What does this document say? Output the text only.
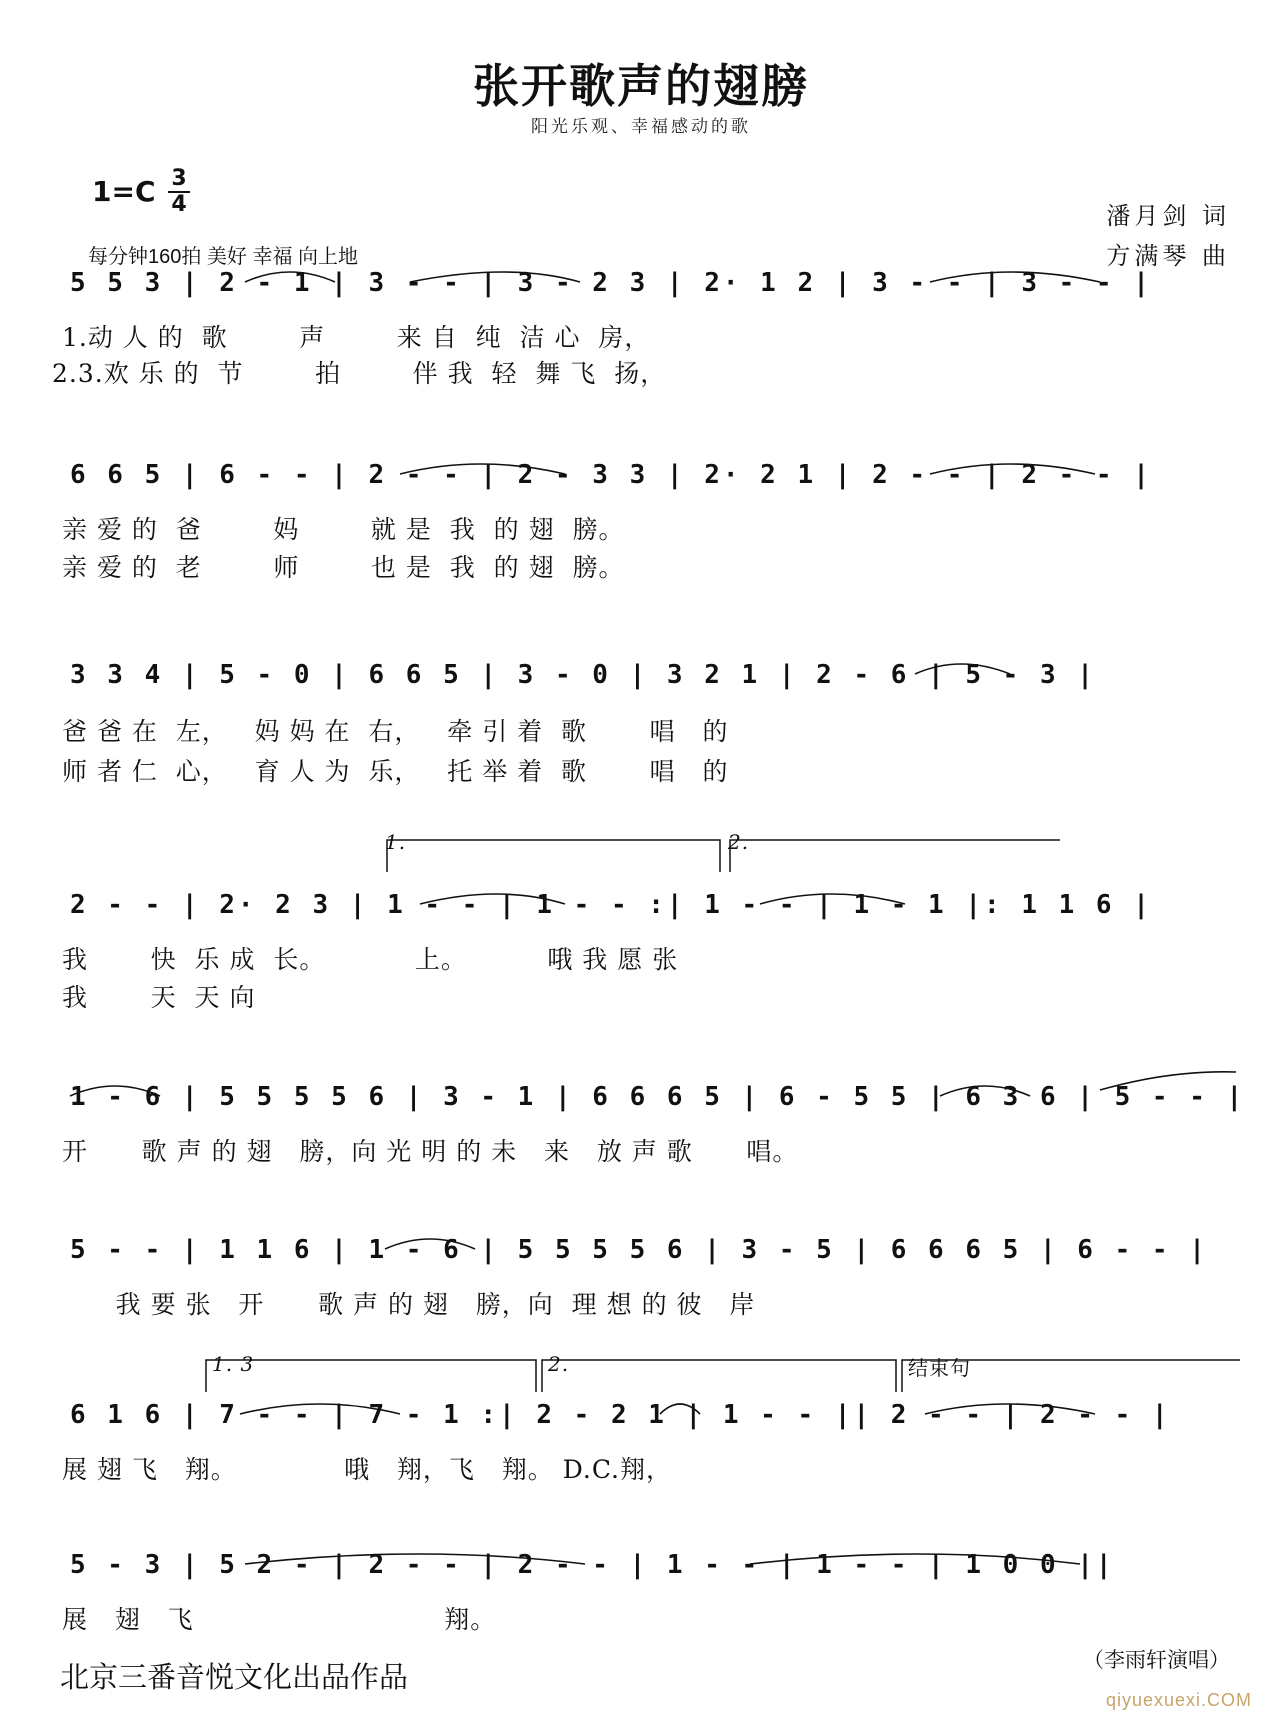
张开歌声的翅膀
阳光乐观、幸福感动的歌
1=C 3
4
每分钟160拍 美好 幸福 向上地
潘月剑 词
方满琴 曲
5 5 3 | 2 - 1 | 3 - - | 3 - 2 3 | 2· 1 2 | 3 - - | 3 - - |
1.动 人 的  歌        声        来 自  纯  洁 心  房，
2.3.欢 乐 的  节        拍        伴 我  轻  舞 飞  扬，
6 6 5 | 6 - - | 2 - - | 2 - 3 3 | 2· 2 1 | 2 - - | 2 - - |
亲 爱 的  爸        妈        就 是  我  的 翅  膀。
亲 爱 的  老        师        也 是  我  的 翅  膀。
3 3 4 | 5 - 0 | 6 6 5 | 3 - 0 | 3 2 1 | 2 - 6 | 5 - 3 |
爸 爸 在  左，   妈 妈 在  右，   牵 引 着  歌       唱   的
师 者 仁  心，   育 人 为  乐，   托 举 着  歌       唱   的
1.	2.
2 - - | 2· 2 3 | 1 - - | 1 - - :| 1 - - | 1 - 1 |: 1 1 6 |
我       快  乐 成  长。          上。         哦 我 愿 张
我       天  天 向
1 - 6 | 5 5 5 5 6 | 3 - 1 | 6 6 6 5 | 6 - 5 5 | 6 3 6 | 5 - - |
开      歌 声 的 翅   膀，向 光 明 的 未   来   放 声 歌      唱。
5 - - | 1 1 6 | 1 - 6 | 5 5 5 5 6 | 3 - 5 | 6 6 6 5 | 6 - - |
我 要 张   开      歌 声 的 翅   膀，向  理 想 的 彼   岸
1. 3	2.	结束句
6 1 6 | 7 - - | 7 - 1 :| 2 - 2 1 | 1 - - || 2 - - | 2 - - |
展 翅 飞   翔。            哦   翔，飞   翔。 D.C.翔，
5 - 3 | 5 2 - | 2 - - | 2 - - | 1 - - | 1 - - | 1 0 0 ||
展   翅   飞                            翔。
（李雨轩演唱）
北京三番音悦文化出品作品
qiyuexuexi.COM
